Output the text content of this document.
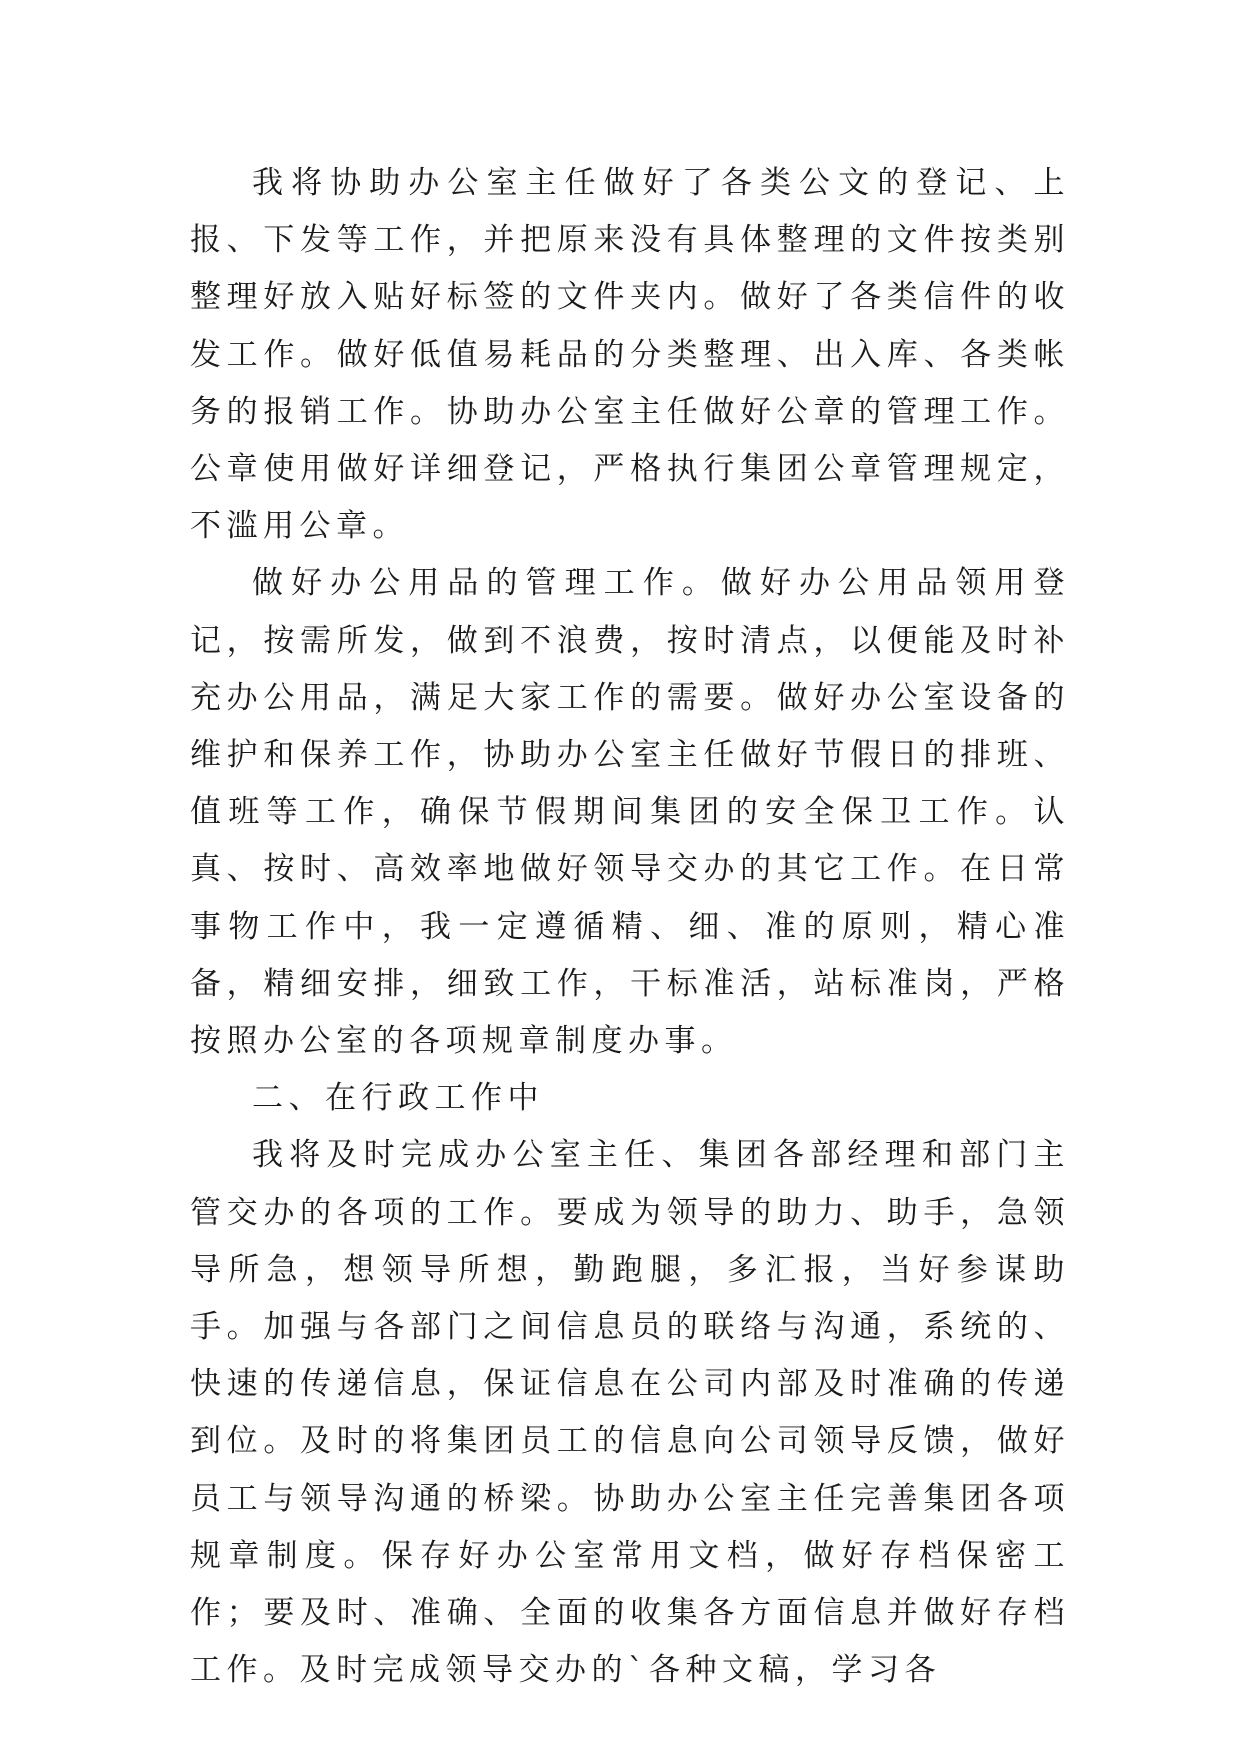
我将协助办公室主任做好了各类公文的登记、上报、下发等工作，并把原来没有具体整理的文件按类别整理好放入贴好标签的文件夹内。做好了各类信件的收发工作。做好低值易耗品的分类整理、出入库、各类帐务的报销工作。协助办公室主任做好公章的管理工作。公章使用做好详细登记，严格执行集团公章管理规定，不滥用公章。

做好办公用品的管理工作。做好办公用品领用登记，按需所发，做到不浪费，按时清点，以便能及时补充办公用品，满足大家工作的需要。做好办公室设备的维护和保养工作，协助办公室主任做好节假日的排班、值班等工作，确保节假期间集团的安全保卫工作。认真、按时、高效率地做好领导交办的其它工作。在日常事物工作中，我一定遵循精、细、准的原则，精心准备，精细安排，细致工作，干标准活，站标准岗，严格按照办公室的各项规章制度办事。

二、在行政工作中

我将及时完成办公室主任、集团各部经理和部门主管交办的各项的工作。要成为领导的助力、助手，急领导所急，想领导所想，勤跑腿，多汇报，当好参谋助手。加强与各部门之间信息员的联络与沟通，系统的、快速的传递信息，保证信息在公司内部及时准确的传递到位。及时的将集团员工的信息向公司领导反馈，做好员工与领导沟通的桥梁。协助办公室主任完善集团各项规章制度。保存好办公室常用文档，做好存档保密工作；要及时、准确、全面的收集各方面信息并做好存档工作。及时完成领导交办的`各种文稿，学习各
